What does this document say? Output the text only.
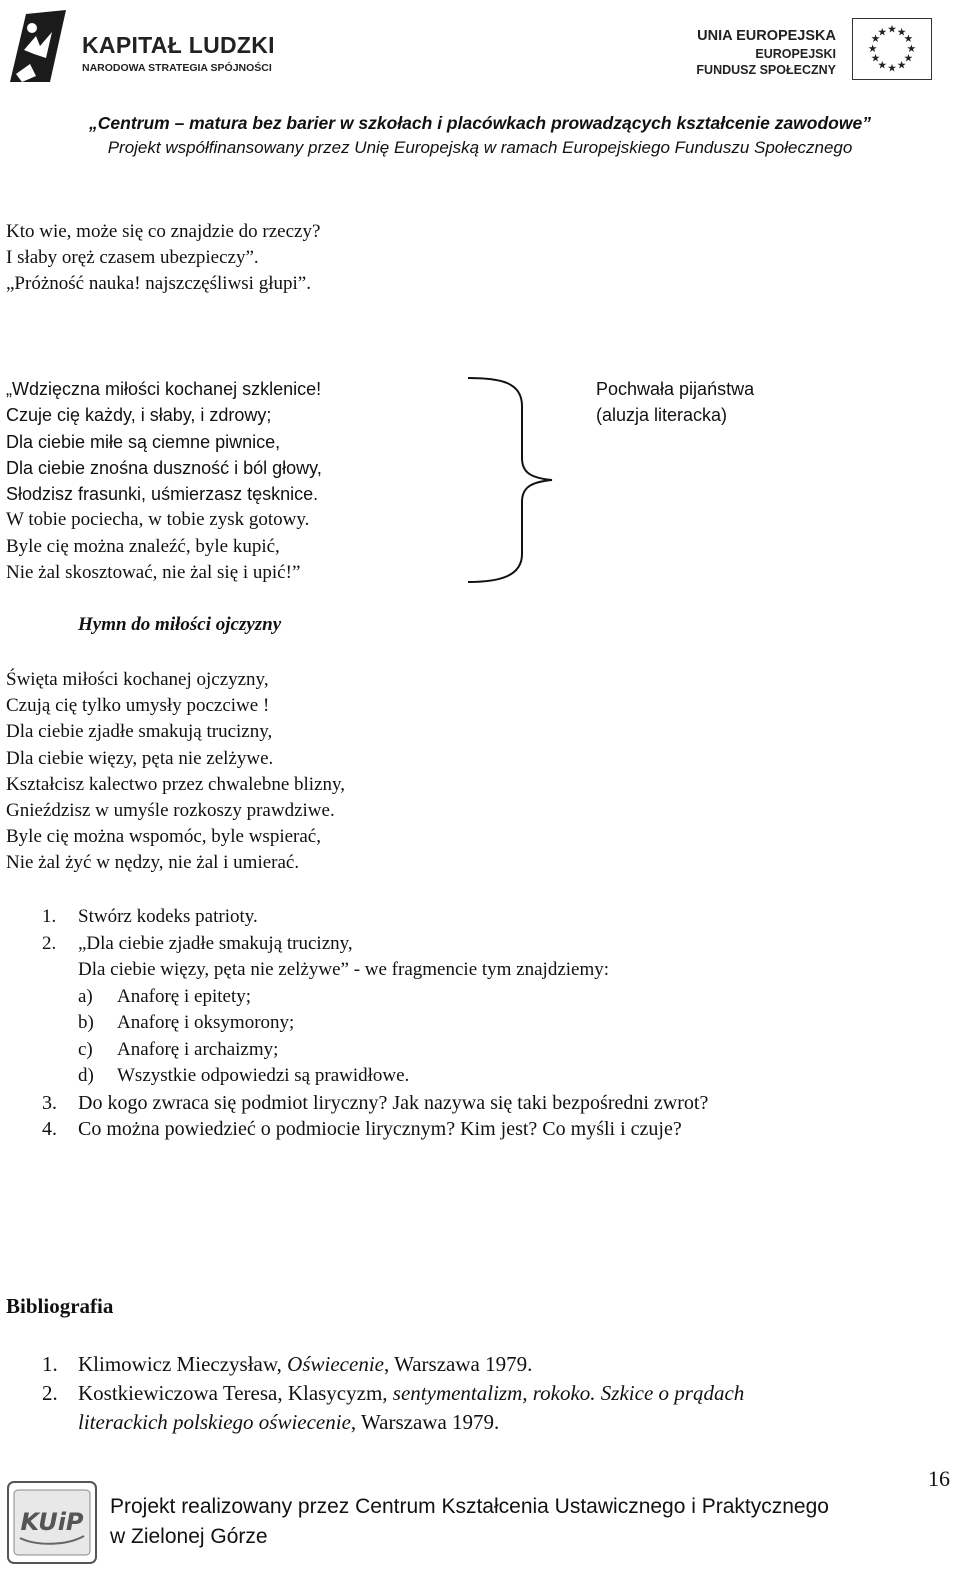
KAPITAŁ LUDZKI
NARODOWA STRATEGIA SPÓJNOŚCI
UNIA EUROPEJSKA
EUROPEJSKI
FUNDUSZ SPOŁECZNY
★ ★
★
★
★
★
★
★
★
★
★
★
„Centrum – matura bez barier w szkołach i placówkach prowadzących kształcenie zawodowe”
Projekt współfinansowany przez Unię Europejską w ramach Europejskiego Funduszu Społecznego
Kto wie, może się co znajdzie do rzeczy?
I słaby oręż czasem ubezpieczy”.
„Próżność nauka! najszczęśliwsi głupi”.
„Wdzięczna miłości kochanej szklenice!
Czuje cię każdy, i słaby, i zdrowy;
Dla ciebie miłe są ciemne piwnice,
Dla ciebie znośna duszność i ból głowy,
Słodzisz frasunki, uśmierzasz tęsknice.
W tobie pociecha, w tobie zysk gotowy.
Byle cię można znaleźć, byle kupić,
Nie żal skosztować, nie żal się i upić!”
Pochwała pijaństwa
(aluzja literacka)
Hymn do miłości ojczyzny
Święta miłości kochanej ojczyzny,
Czują cię tylko umysły poczciwe !
Dla ciebie zjadłe smakują trucizny,
Dla ciebie więzy, pęta nie zelżywe.
Kształcisz kalectwo przez chwalebne blizny,
Gnieździsz w umyśle rozkoszy prawdziwe.
Byle cię można wspomóc, byle wspierać,
Nie żal żyć w nędzy, nie żal i umierać.
1. Stwórz kodeks patrioty.
2. „Dla ciebie zjadłe smakują trucizny,
Dla ciebie więzy, pęta nie zelżywe” - we fragmencie tym znajdziemy:
a) Anaforę i epitety;
b) Anaforę i oksymorony;
c) Anaforę i archaizmy;
d) Wszystkie odpowiedzi są prawidłowe.
3. Do kogo zwraca się podmiot liryczny? Jak nazywa się taki bezpośredni zwrot?
4. Co można powiedzieć o podmiocie lirycznym? Kim jest? Co myśli i czuje?
Bibliografia
1. Klimowicz Mieczysław, Oświecenie, Warszawa 1979.
2. Kostkiewiczowa Teresa, Klasycyzm, sentymentalizm, rokoko. Szkice o prądach
literackich polskiego oświecenie, Warszawa 1979.
16
KUiP
Projekt realizowany przez Centrum Kształcenia Ustawicznego i Praktycznego
w Zielonej Górze
